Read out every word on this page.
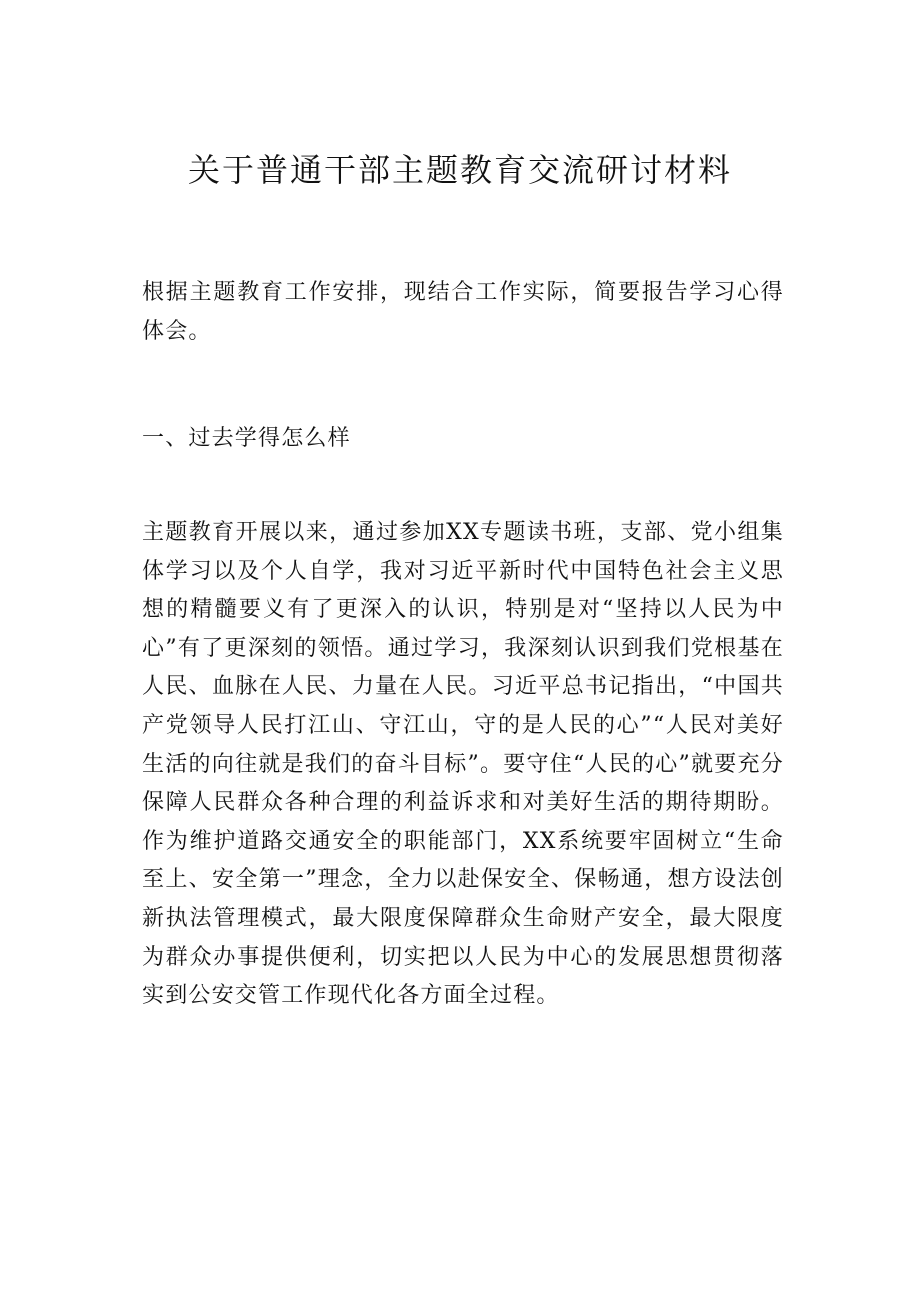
关于普通干部主题教育交流研讨材料

根据主题教育工作安排，现结合工作实际，简要报告学习心得体会。

一、过去学得怎么样

主题教育开展以来，通过参加XX专题读书班，支部、党小组集体学习以及个人自学，我对习近平新时代中国特色社会主义思想的精髓要义有了更深入的认识，特别是对“坚持以人民为中心”有了更深刻的领悟。通过学习，我深刻认识到我们党根基在人民、血脉在人民、力量在人民。习近平总书记指出，“中国共产党领导人民打江山、守江山，守的是人民的心”“人民对美好生活的向往就是我们的奋斗目标”。要守住“人民的心”就要充分保障人民群众各种合理的利益诉求和对美好生活的期待期盼。作为维护道路交通安全的职能部门，XX系统要牢固树立“生命至上、安全第一”理念，全力以赴保安全、保畅通，想方设法创新执法管理模式，最大限度保障群众生命财产安全，最大限度为群众办事提供便利，切实把以人民为中心的发展思想贯彻落实到公安交管工作现代化各方面全过程。
